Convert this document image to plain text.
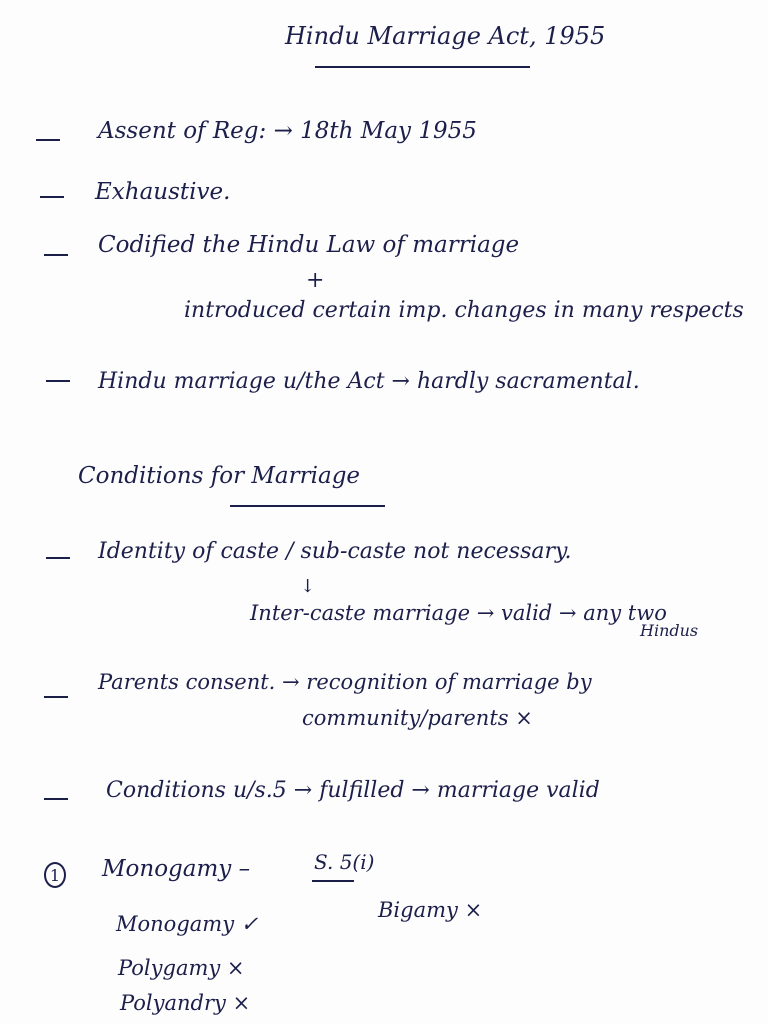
Hindu Marriage Act, 1955
Assent of Reg: → 18th May 1955
Exhaustive.
Codified the Hindu Law of marriage
+
introduced certain imp. changes in many respects
Hindu marriage u/the Act → hardly sacramental.
Conditions for Marriage
Identity of caste / sub-caste not necessary.
↓
Inter-caste marriage → valid → any two
Hindus
Parents consent. → recognition of marriage by
community/parents ×
Conditions u/s.5 → fulfilled → marriage valid
1 Monogamy –	S. 5(i)
Monogamy ✓
Bigamy ×
Polygamy ×
Polyandry ×
